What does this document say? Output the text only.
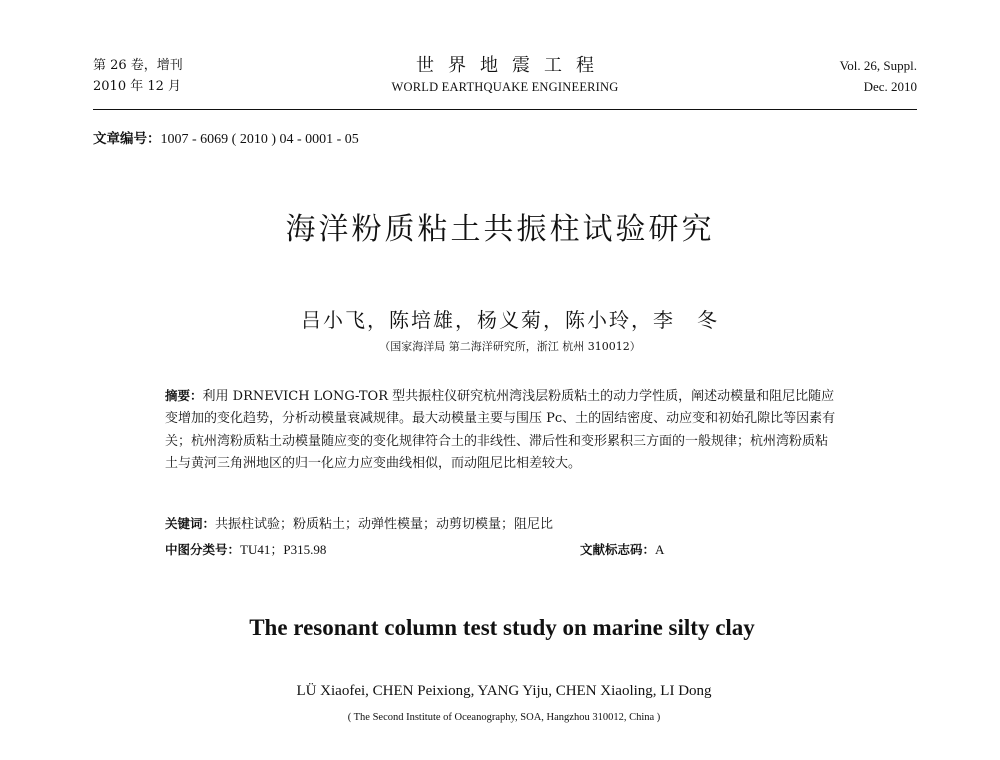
第 26 卷，增刊
2010 年 12 月
世界地震工程
WORLD EARTHQUAKE ENGINEERING
Vol. 26, Suppl.
Dec. 2010
文章编号：1007 - 6069 ( 2010 ) 04 - 0001 - 05
海洋粉质粘土共振柱试验研究
吕小飞，陈培雄，杨义菊，陈小玲，李　冬
（国家海洋局 第二海洋研究所，浙江 杭州 310012）
摘要：利用 DRNEVICH LONG-TOR 型共振柱仪研究杭州湾浅层粉质粘土的动力学性质，阐述动模量和阻尼比随应变增加的变化趋势，分析动模量衰减规律。最大动模量主要与围压 Pc、土的固结密度、动应变和初始孔隙比等因素有关；杭州湾粉质粘土动模量随应变的变化规律符合土的非线性、滞后性和变形累积三方面的一般规律；杭州湾粉质粘土与黄河三角洲地区的归一化应力应变曲线相似，而动阻尼比相差较大。
关键词：共振柱试验；粉质粘土；动弹性模量；动剪切模量；阻尼比
中图分类号：TU41；P315.98	文献标志码：A
The resonant column test study on marine silty clay
LÜ Xiaofei, CHEN Peixiong, YANG Yiju, CHEN Xiaoling, LI Dong
( The Second Institute of Oceanography, SOA, Hangzhou 310012, China )
